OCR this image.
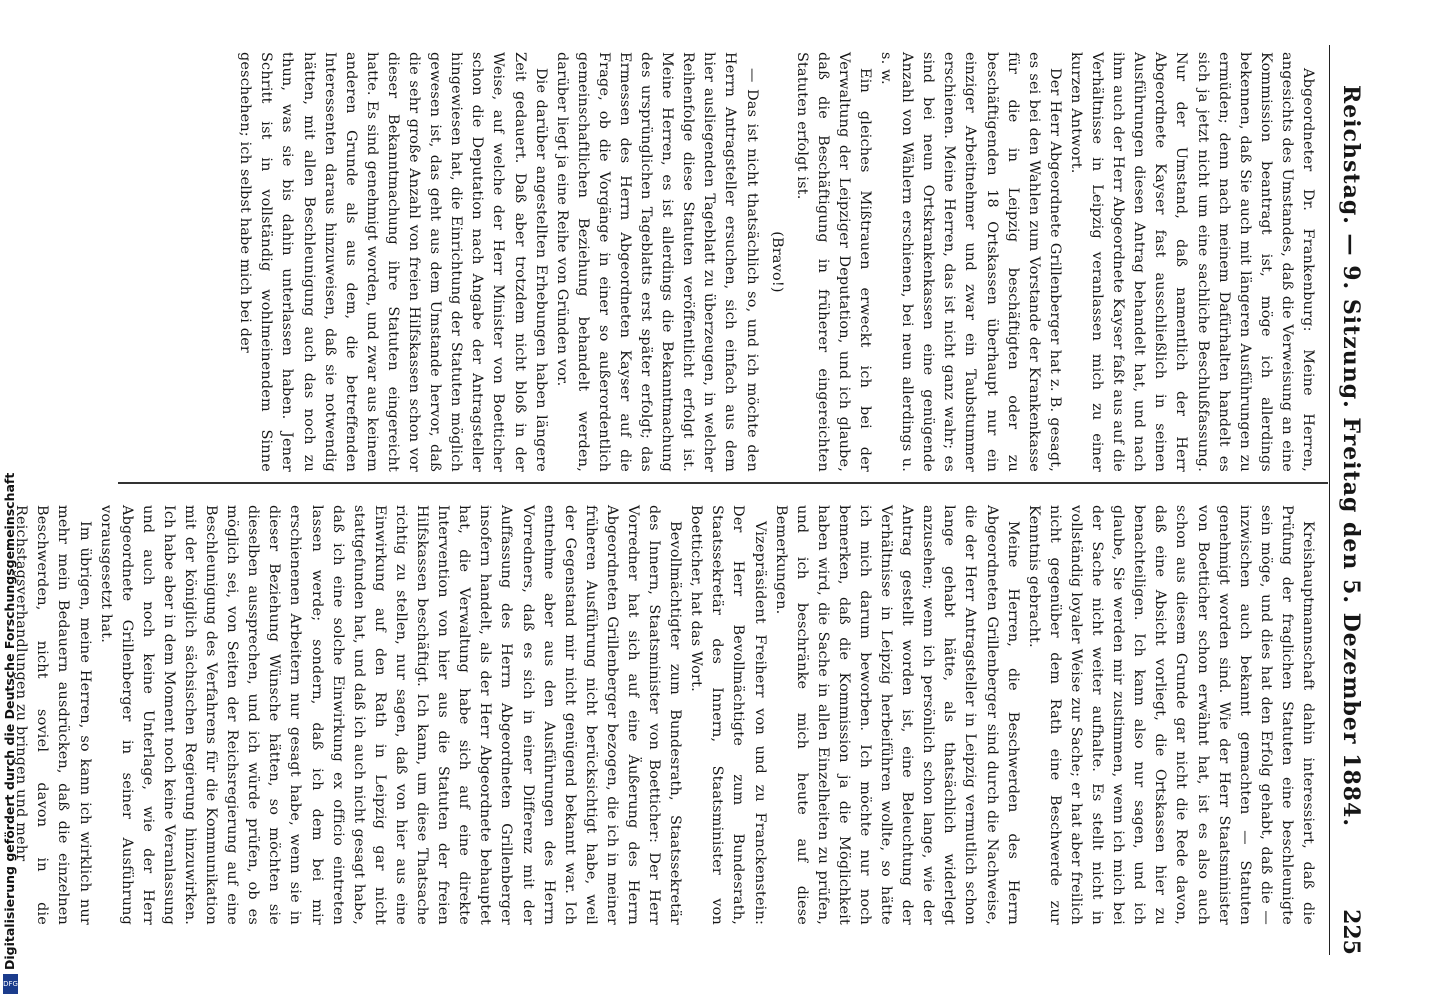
Digitalisierung gefördert durch die Deutsche Forschungsgemeinschaft
DFG
Reichstag. — 9. Sitzung. Freitag den 5. Dezember 1884.
225

Abgeordneter Dr. Frankenburg: Meine Herren, angesichts des Umstandes, daß die Verweisung an eine Kommission beantragt ist, möge ich allerdings bekennen, daß Sie auch mit längeren Ausführungen zu ermüden; denn nach meinem Dafürhalten handelt es sich ja jetzt nicht um eine sachliche Beschlußfassung. Nur der Umstand, daß namentlich der Herr Abgeordnete Kayser fast ausschließlich in seinen Ausführungen diesen Antrag behandelt hat, und nach ihm auch der Herr Abgeordnete Kayser faßt aus auf die Verhältnisse in Leipzig veranlassen mich zu einer kurzen Antwort.

Der Herr Abgeordnete Grillenberger hat z. B. gesagt, es sei bei den Wahlen zum Vorstande der Krankenkasse für die in Leipzig beschäftigten oder zu beschäftigenden 18 Ortskassen überhaupt nur ein einziger Arbeitnehmer und zwar ein Taubstummer erschienen. Meine Herren, das ist nicht ganz wahr; es sind bei neun Ortskrankenkassen eine genügende Anzahl von Wählern erschienen, bei neun allerdings u. s. w.

Ein gleiches Mißtrauen erweckt ich bei der Verwaltung der Leipziger Deputation, und ich glaube, daß die Beschäftigung in früherer eingereichten Statuten erfolgt ist.

(Bravo!)

— Das ist nicht thatsächlich so, und ich möchte den Herrn Antragsteller ersuchen, sich einfach aus dem hier ausliegenden Tageblatt zu überzeugen, in welcher Reihenfolge diese Statuten veröffentlicht erfolgt ist. Meine Herren, es ist allerdings die Bekanntmachung des ursprünglichen Tageblatts erst später erfolgt; das Ermessen des Herrn Abgeordneten Kayser auf die Frage, ob die Vorgänge in einer so außerordentlich gemeinschaftlichen Beziehung behandelt werden, darüber liegt ja eine Reihe von Gründen vor.

Die darüber angestellten Erhebungen haben längere Zeit gedauert. Daß aber trotzdem nicht bloß in der Weise, auf welche der Herr Minister von Boetticher schon die Deputation nach Angabe der Antragsteller hingewiesen hat, die Einrichtung der Statuten möglich gewesen ist, das geht aus dem Umstande hervor, daß die sehr große Anzahl von freien Hilfskassen schon vor dieser Bekanntmachung ihre Statuten eingereicht hatte. Es sind genehmigt worden, und zwar aus keinem anderen Grunde als aus dem, die betreffenden Interessenten daraus hinzuweisen, daß sie notwendig hätten, mit allen Beschleunigung auch das noch zu thun, was sie bis dahin unterlassen haben. Jener Schritt ist in vollständig wohlmeinendem Sinne geschehen; ich selbst habe mich bei der

Kreishauptmannschaft dahin interessiert, daß die Prüfung der fraglichen Statuten eine beschleunigte sein möge, und dies hat den Erfolg gehabt, daß die — inzwischen auch bekannt gemachten — Statuten genehmigt worden sind. Wie der Herr Staatsminister von Boetticher schon erwähnt hat, ist es also auch schon aus diesem Grunde gar nicht die Rede davon, daß eine Absicht vorliegt, die Ortskassen hier zu benachteiligen. Ich kann also nur sagen, und ich glaube, Sie werden mir zustimmen, wenn ich mich bei der Sache nicht weiter aufhalte. Es stellt nicht in vollständig loyaler Weise zur Sache; er hat aber freilich nicht gegenüber dem Rath eine Beschwerde zur Kenntnis gebracht.

Meine Herren, die Beschwerden des Herrn Abgeordneten Grillenberger sind durch die Nachweise, die der Herr Antragsteller in Leipzig vermutlich schon lange gehabt hätte, als thatsächlich widerlegt anzusehen; wenn ich persönlich schon lange, wie der Antrag gestellt worden ist, eine Beleuchtung der Verhältnisse in Leipzig herbeiführen wollte, so hätte ich mich darum beworben. Ich möchte nur noch bemerken, daß die Kommission ja die Möglichkeit haben wird, die Sache in allen Einzelheiten zu prüfen, und ich beschränke mich heute auf diese Bemerkungen.

Vizepräsident Freiherr von und zu Franckenstein: Der Herr Bevollmächtigte zum Bundesrath, Staatssekretär des Innern, Staatsminister von Boetticher, hat das Wort.

Bevollmächtigter zum Bundesrath, Staatssekretär des Innern, Staatsminister von Boetticher: Der Herr Vorredner hat sich auf eine Äußerung des Herrn Abgeordneten Grillenberger bezogen, die ich in meiner früheren Ausführung nicht berücksichtigt habe, weil der Gegenstand mir nicht genügend bekannt war. Ich entnehme aber aus den Ausführungen des Herrn Vorredners, daß es sich in einer Differenz mit der Auffassung des Herrn Abgeordneten Grillenberger insofern handelt, als der Herr Abgeordnete behauptet hat, die Verwaltung habe sich auf eine direkte Intervention von hier aus die Statuten der freien Hilfskassen beschäftigt. Ich kann, um diese Thatsache richtig zu stellen, nur sagen, daß von hier aus eine Einwirkung auf den Rath in Leipzig gar nicht stattgefunden hat, und daß ich auch nicht gesagt habe, daß ich eine solche Einwirkung ex officio eintreten lassen werde; sondern, daß ich dem bei mir erschienenen Arbeitern nur gesagt habe, wenn sie in dieser Beziehung Wünsche hätten, so möchten sie dieselben aussprechen, und ich würde prüfen, ob es möglich sei, von Seiten der Reichsregierung auf eine Beschleunigung des Verfahrens für die Kommunikation mit der königlich sächsischen Regierung hinzuwirken. Ich habe aber in dem Moment noch keine Veranlassung und auch noch keine Unterlage, wie der Herr Abgeordnete Grillenberger in seiner Ausführung vorausgesetzt hat.

Im übrigen, meine Herren, so kann ich wirklich nur mehr mein Bedauern ausdrücken, daß die einzelnen Beschwerden, nicht soviel davon in die Reichstagsverhandlungen zu bringen und mehr
